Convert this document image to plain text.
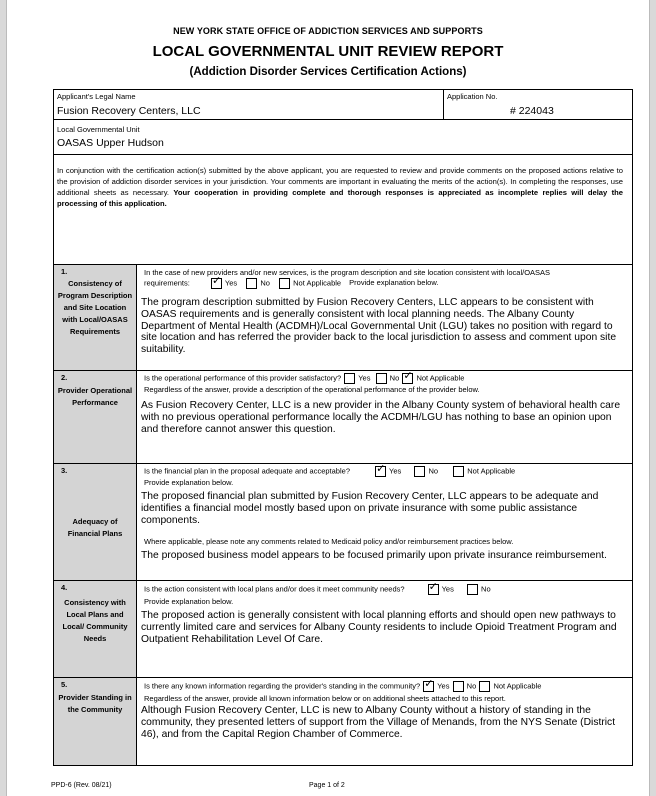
NEW YORK STATE OFFICE OF ADDICTION SERVICES AND SUPPORTS
LOCAL GOVERNMENTAL UNIT REVIEW REPORT
(Addiction Disorder Services Certification Actions)
Applicant's Legal Name
Fusion Recovery Centers, LLC
Application No.
# 224043
Local Governmental Unit
OASAS Upper Hudson
In conjunction with the certification action(s) submitted by the above applicant, you are requested to review and provide comments on the proposed actions relative to the provision of addiction disorder services in your jurisdiction. Your comments are important in evaluating the merits of the action(s). In completing the responses, use additional sheets as necessary. Your cooperation in providing complete and thorough responses is appreciated as incomplete replies will delay the processing of this application.
1.
Consistency of Program Description and Site Location with Local/OASAS Requirements
In the case of new providers and/or new services, is the program description and site location consistent with local/OASAS
requirements: ✓	Yes	No	Not Applicable Provide explanation below.
The program description submitted by Fusion Recovery Centers, LLC appears to be consistent with OASAS requirements and is generally consistent with local planning needs. The Albany County Department of Mental Health (ACDMH)/Local Governmental Unit (LGU) takes no position with regard to site location and has referred the provider back to the local jurisdiction to assess and comment upon site suitability.
2.
Provider Operational Performance
Is the operational performance of this provider satisfactory? Yes	No ✓ Not Applicable
Regardless of the answer, provide a description of the operational performance of the provider below.
As Fusion Recovery Center, LLC is a new provider in the Albany County system of behavioral health care with no previous operational performance locally the ACDMH/LGU has nothing to base an opinion upon and therefore cannot answer this question.
3.
Adequacy of Financial Plans
Is the financial plan in the proposal adequate and acceptable? ✓	Yes	No	Not Applicable
Provide explanation below.
The proposed financial plan submitted by Fusion Recovery Center, LLC appears to be adequate and identifies a financial model mostly based upon on private insurance with some public assistance components.
Where applicable, please note any comments related to Medicaid policy and/or reimbursement practices below.
The proposed business model appears to be focused primarily upon private insurance reimbursement.
4.
Consistency with Local Plans and Local/ Community Needs
Is the action consistent with local plans and/or does it meet community needs? ✓	Yes	No
Provide explanation below.
The proposed action is generally consistent with local planning efforts and should open new pathways to currently limited care and services for Albany County residents to include Opioid Treatment Program and Outpatient Rehabilitation Level Of Care.
5.
Provider Standing in the Community
Is there any known information regarding the provider's standing in the community? ✓ Yes No Not Applicable
Regardless of the answer, provide all known information below or on additional sheets attached to this report.
Although Fusion Recovery Center, LLC is new to Albany County without a history of standing in the community, they presented letters of support from the Village of Menands, from the NYS Senate (District 46), and from the Capital Region Chamber of Commerce.
PPD-6 (Rev. 08/21)	Page 1 of 2
